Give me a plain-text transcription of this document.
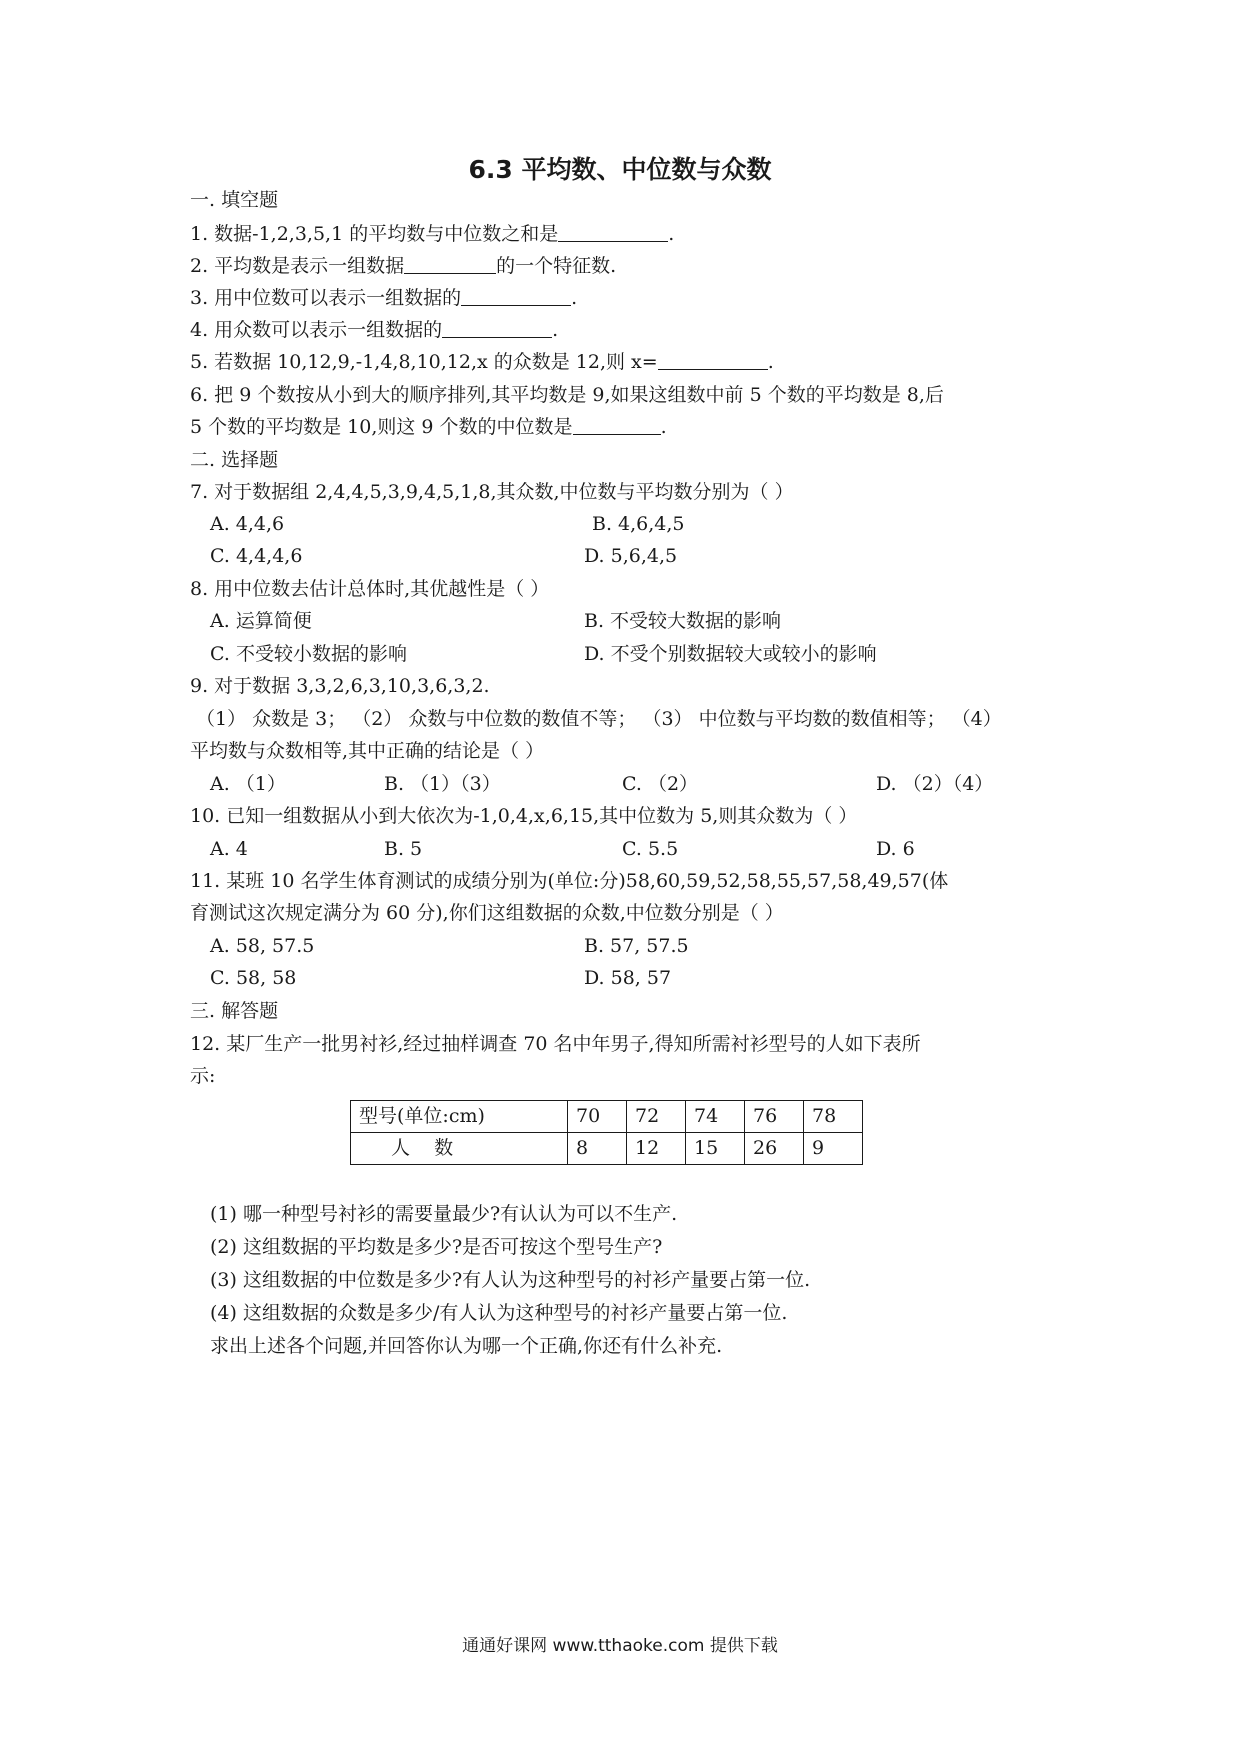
6.3 平均数、中位数与众数
一. 填空题
1. 数据-1,2,3,5,1 的平均数与中位数之和是	.
2. 平均数是表示一组数据	的一个特征数.
3. 用中位数可以表示一组数据的	.
4. 用众数可以表示一组数据的	.
5. 若数据 10,12,9,-1,4,8,10,12,x 的众数是 12,则 x=	.
6. 把 9 个数按从小到大的顺序排列,其平均数是 9,如果这组数中前 5 个数的平均数是 8,后
5 个数的平均数是 10,则这 9 个数的中位数是	.
二. 选择题
7. 对于数据组 2,4,4,5,3,9,4,5,1,8,其众数,中位数与平均数分别为（ ）
A. 4,4,6	B. 4,6,4,5
C. 4,4,4,6	D. 5,6,4,5
8. 用中位数去估计总体时,其优越性是（ ）
A. 运算简便	B. 不受较大数据的影响
C. 不受较小数据的影响	D. 不受个别数据较大或较小的影响
9. 对于数据 3,3,2,6,3,10,3,6,3,2.
（1） 众数是 3； （2） 众数与中位数的数值不等； （3） 中位数与平均数的数值相等； （4）
平均数与众数相等,其中正确的结论是（ ）
A. （1）	B. （1）（3）	C. （2）	D. （2）（4）
10. 已知一组数据从小到大依次为-1,0,4,x,6,15,其中位数为 5,则其众数为（ ）
A. 4	B. 5	C. 5.5	D. 6
11. 某班 10 名学生体育测试的成绩分别为(单位:分)58,60,59,52,58,55,57,58,49,57(体
育测试这次规定满分为 60 分),你们这组数据的众数,中位数分别是（ ）
A. 58, 57.5	B. 57, 57.5
C. 58, 58	D. 58, 57
三. 解答题
12. 某厂生产一批男衬衫,经过抽样调查 70 名中年男子,得知所需衬衫型号的人如下表所
示:
型号(单位:cm)	70	72	74	76	78
人    数	8	12	15	26	9
(1) 哪一种型号衬衫的需要量最少?有认认为可以不生产.
(2) 这组数据的平均数是多少?是否可按这个型号生产?
(3) 这组数据的中位数是多少?有人认为这种型号的衬衫产量要占第一位.
(4) 这组数据的众数是多少/有人认为这种型号的衬衫产量要占第一位.
求出上述各个问题,并回答你认为哪一个正确,你还有什么补充.
通通好课网 www.tthaoke.com 提供下载
